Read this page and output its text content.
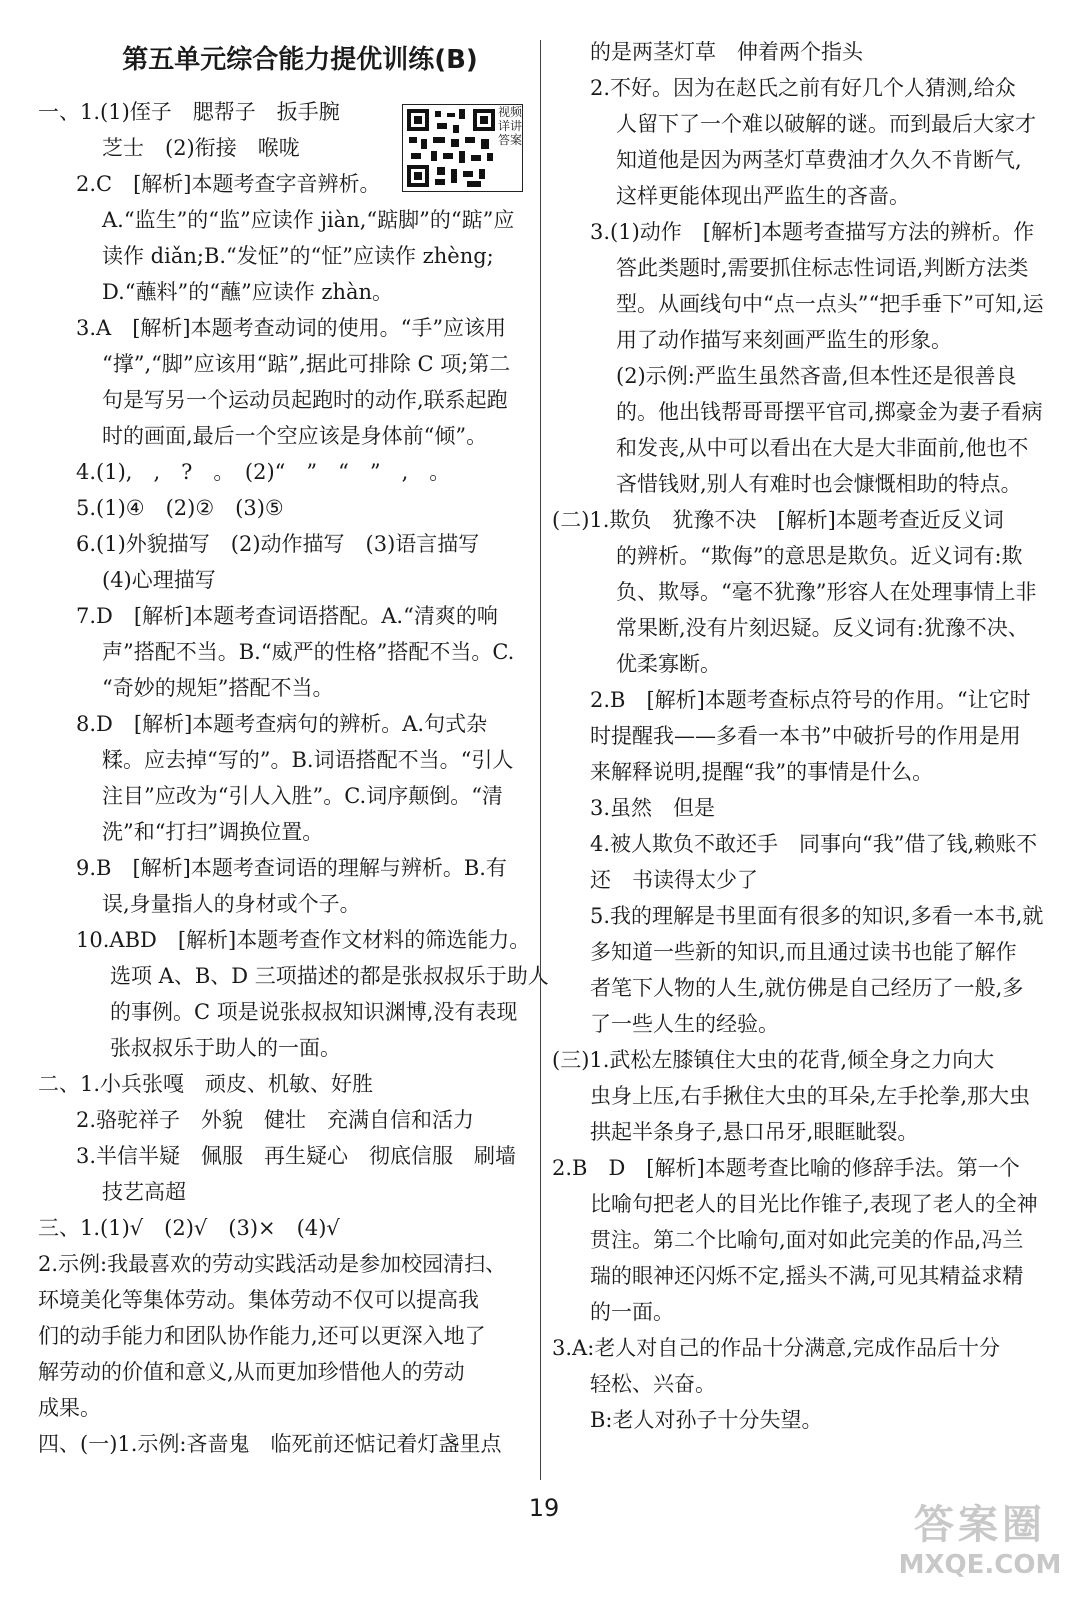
第五单元综合能力提优训练(B)
视频详讲答案
一、1.(1)侄子　腮帮子　扳手腕
芝士　(2)衔接　喉咙
2.C　[解析]本题考查字音辨析。
A.“监生”的“监”应读作 jiàn,“踮脚”的“踮”应
读作 diǎn;B.“发怔”的“怔”应读作 zhèng;
D.“蘸料”的“蘸”应读作 zhàn。
3.A　[解析]本题考查动词的使用。“手”应该用
“撑”,“脚”应该用“踮”,据此可排除 C 项;第二
句是写另一个运动员起跑时的动作,联系起跑
时的画面,最后一个空应该是身体前“倾”。
4.(1),　,　?　。　(2)“　”　“　”　,　。
5.(1)④　(2)②　(3)⑤
6.(1)外貌描写　(2)动作描写　(3)语言描写
(4)心理描写
7.D　[解析]本题考查词语搭配。A.“清爽的响
声”搭配不当。B.“威严的性格”搭配不当。C.
“奇妙的规矩”搭配不当。
8.D　[解析]本题考查病句的辨析。A.句式杂
糅。应去掉“写的”。B.词语搭配不当。“引人
注目”应改为“引人入胜”。C.词序颠倒。“清
洗”和“打扫”调换位置。
9.B　[解析]本题考查词语的理解与辨析。B.有
误,身量指人的身材或个子。
10.ABD　[解析]本题考查作文材料的筛选能力。
选项 A、B、D 三项描述的都是张叔叔乐于助人
的事例。C 项是说张叔叔知识渊博,没有表现
张叔叔乐于助人的一面。
二、1.小兵张嘎　顽皮、机敏、好胜
2.骆驼祥子　外貌　健壮　充满自信和活力
3.半信半疑　佩服　再生疑心　彻底信服　刷墙
技艺高超
三、1.(1)√　(2)√　(3)×　(4)√
2.示例:我最喜欢的劳动实践活动是参加校园清扫、
环境美化等集体劳动。集体劳动不仅可以提高我
们的动手能力和团队协作能力,还可以更深入地了
解劳动的价值和意义,从而更加珍惜他人的劳动
成果。
四、(一)1.示例:吝啬鬼　临死前还惦记着灯盏里点
的是两茎灯草　伸着两个指头
2.不好。因为在赵氏之前有好几个人猜测,给众
人留下了一个难以破解的谜。而到最后大家才
知道他是因为两茎灯草费油才久久不肯断气,
这样更能体现出严监生的吝啬。
3.(1)动作　[解析]本题考查描写方法的辨析。作
答此类题时,需要抓住标志性词语,判断方法类
型。从画线句中“点一点头”“把手垂下”可知,运
用了动作描写来刻画严监生的形象。
(2)示例:严监生虽然吝啬,但本性还是很善良
的。他出钱帮哥哥摆平官司,掷豪金为妻子看病
和发丧,从中可以看出在大是大非面前,他也不
吝惜钱财,别人有难时也会慷慨相助的特点。
(二)1.欺负　犹豫不决　[解析]本题考查近反义词
的辨析。“欺侮”的意思是欺负。近义词有:欺
负、欺辱。“毫不犹豫”形容人在处理事情上非
常果断,没有片刻迟疑。反义词有:犹豫不决、
优柔寡断。
2.B　[解析]本题考查标点符号的作用。“让它时
时提醒我——多看一本书”中破折号的作用是用
来解释说明,提醒“我”的事情是什么。
3.虽然　但是
4.被人欺负不敢还手　同事向“我”借了钱,赖账不
还　书读得太少了
5.我的理解是书里面有很多的知识,多看一本书,就
多知道一些新的知识,而且通过读书也能了解作
者笔下人物的人生,就仿佛是自己经历了一般,多
了一些人生的经验。
(三)1.武松左膝镇住大虫的花背,倾全身之力向大
虫身上压,右手揪住大虫的耳朵,左手抡拳,那大虫
拱起半条身子,悬口吊牙,眼眶眦裂。
2.B　D　[解析]本题考查比喻的修辞手法。第一个
比喻句把老人的目光比作锥子,表现了老人的全神
贯注。第二个比喻句,面对如此完美的作品,冯兰
瑞的眼神还闪烁不定,摇头不满,可见其精益求精
的一面。
3.A:老人对自己的作品十分满意,完成作品后十分
轻松、兴奋。
B:老人对孙子十分失望。
19	答案圈
MXQE.COM
